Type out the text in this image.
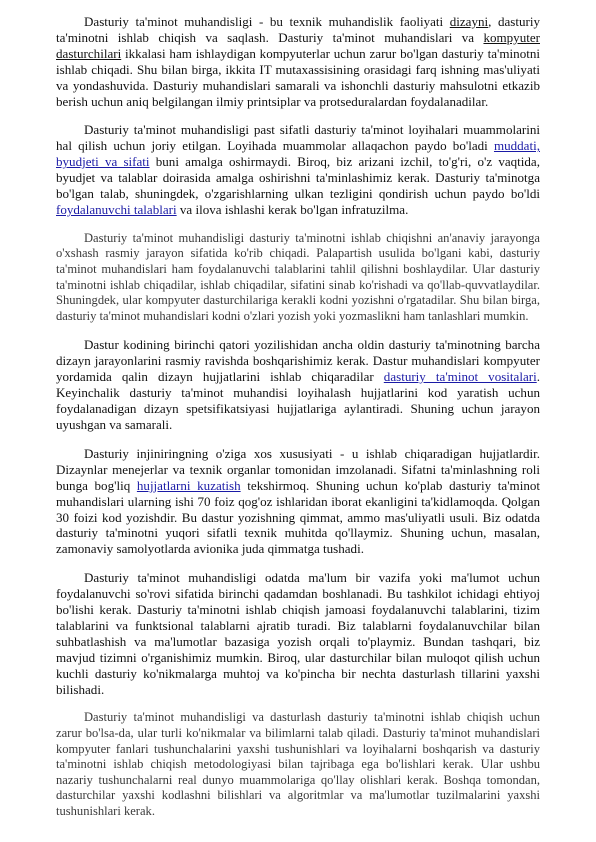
Dasturiy ta'minot muhandisligi - bu texnik muhandislik faoliyati dizayni, dasturiy ta'minotni ishlab chiqish va saqlash. Dasturiy ta'minot muhandislari va kompyuter dasturchilari ikkalasi ham ishlaydigan kompyuterlar uchun zarur bo'lgan dasturiy ta'minotni ishlab chiqadi. Shu bilan birga, ikkita IT mutaxassisining orasidagi farq ishning mas'uliyati va yondashuvida. Dasturiy muhandislari samarali va ishonchli dasturiy mahsulotni etkazib berish uchun aniq belgilangan ilmiy printsiplar va protseduralardan foydalanadilar.

Dasturiy ta'minot muhandisligi past sifatli dasturiy ta'minot loyihalari muammolarini hal qilish uchun joriy etilgan. Loyihada muammolar allaqachon paydo bo'ladi muddati, byudjeti va sifati buni amalga oshirmaydi. Biroq, biz arizani izchil, to'g'ri, o'z vaqtida, byudjet va talablar doirasida amalga oshirishni ta'minlashimiz kerak. Dasturiy ta'minotga bo'lgan talab, shuningdek, o'zgarishlarning ulkan tezligini qondirish uchun paydo bo'ldi foydalanuvchi talablari va ilova ishlashi kerak bo'lgan infratuzilma.

Dasturiy ta'minot muhandisligi dasturiy ta'minotni ishlab chiqishni an'anaviy jarayonga o'xshash rasmiy jarayon sifatida ko'rib chiqadi. Palapartish usulida bo'lgani kabi, dasturiy ta'minot muhandislari ham foydalanuvchi talablarini tahlil qilishni boshlaydilar. Ular dasturiy ta'minotni ishlab chiqadilar, ishlab chiqadilar, sifatini sinab ko'rishadi va qo'llab-quvvatlaydilar. Shuningdek, ular kompyuter dasturchilariga kerakli kodni yozishni o'rgatadilar. Shu bilan birga, dasturiy ta'minot muhandislari kodni o'zlari yozish yoki yozmaslikni ham tanlashlari mumkin.

Dastur kodining birinchi qatori yozilishidan ancha oldin dasturiy ta'minotning barcha dizayn jarayonlarini rasmiy ravishda boshqarishimiz kerak. Dastur muhandislari kompyuter yordamida qalin dizayn hujjatlarini ishlab chiqaradilar dasturiy ta'minot vositalari. Keyinchalik dasturiy ta'minot muhandisi loyihalash hujjatlarini kod yaratish uchun foydalanadigan dizayn spetsifikatsiyasi hujjatlariga aylantiradi. Shuning uchun jarayon uyushgan va samarali.

Dasturiy injiniringning o'ziga xos xususiyati - u ishlab chiqaradigan hujjatlardir. Dizaynlar menejerlar va texnik organlar tomonidan imzolanadi. Sifatni ta'minlashning roli bunga bog'liq hujjatlarni kuzatish tekshirmoq. Shuning uchun ko'plab dasturiy ta'minot muhandislari ularning ishi 70 foiz qog'oz ishlaridan iborat ekanligini ta'kidlamoqda. Qolgan 30 foizi kod yozishdir. Bu dastur yozishning qimmat, ammo mas'uliyatli usuli. Biz odatda dasturiy ta'minotni yuqori sifatli texnik muhitda qo'llaymiz. Shuning uchun, masalan, zamonaviy samolyotlarda avionika juda qimmatga tushadi.

Dasturiy ta'minot muhandisligi odatda ma'lum bir vazifa yoki ma'lumot uchun foydalanuvchi so'rovi sifatida birinchi qadamdan boshlanadi. Bu tashkilot ichidagi ehtiyoj bo'lishi kerak. Dasturiy ta'minotni ishlab chiqish jamoasi foydalanuvchi talablarini, tizim talablarini va funktsional talablarni ajratib turadi. Biz talablarni foydalanuvchilar bilan suhbatlashish va ma'lumotlar bazasiga yozish orqali to'playmiz. Bundan tashqari, biz mavjud tizimni o'rganishimiz mumkin. Biroq, ular dasturchilar bilan muloqot qilish uchun kuchli dasturiy ko'nikmalarga muhtoj va ko'pincha bir nechta dasturlash tillarini yaxshi bilishadi.

Dasturiy ta'minot muhandisligi va dasturlash dasturiy ta'minotni ishlab chiqish uchun zarur bo'lsa-da, ular turli ko'nikmalar va bilimlarni talab qiladi. Dasturiy ta'minot muhandislari kompyuter fanlari tushunchalarini yaxshi tushunishlari va loyihalarni boshqarish va dasturiy ta'minotni ishlab chiqish metodologiyasi bilan tajribaga ega bo'lishlari kerak. Ular ushbu nazariy tushunchalarni real dunyo muammolariga qo'llay olishlari kerak. Boshqa tomondan, dasturchilar yaxshi kodlashni bilishlari va algoritmlar va ma'lumotlar tuzilmalarini yaxshi tushunishlari kerak.
